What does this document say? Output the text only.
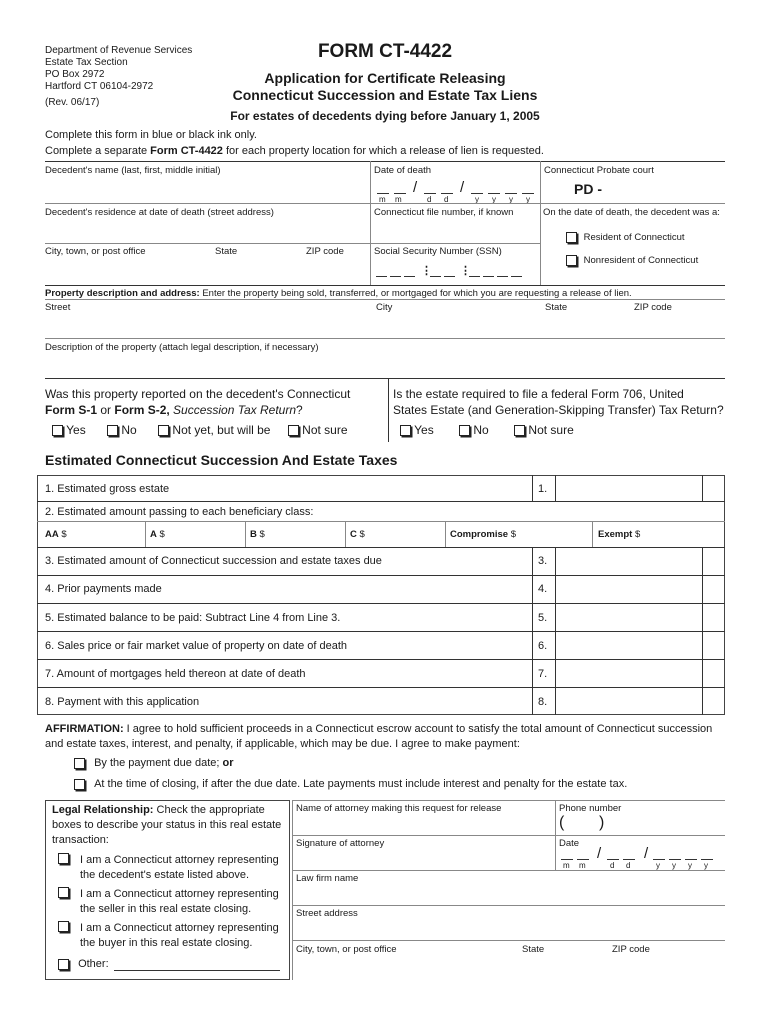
Department of Revenue Services
Estate Tax Section
PO Box 2972
Hartford CT 06104-2972
(Rev. 06/17)
FORM CT-4422
Application for Certificate Releasing
Connecticut Succession and Estate Tax Liens
For estates of decedents dying before January 1, 2005
Complete this form in blue or black ink only.
Complete a separate Form CT-4422 for each property location for which a release of lien is requested.
Decedent's name (last, first, middle initial)	Date of death
/	/
m m	d d	y y y y
Connecticut Probate court
PD -
Decedent's residence at date of death (street address)	Connecticut file number, if known	On the date of death, the decedent was a:
Resident of Connecticut
Nonresident of Connecticut
City, town, or post office	State	ZIP code	Social Security Number (SSN)
⋮	⋮
Property description and address: Enter the property being sold, transferred, or mortgaged for which you are requesting a release of lien.
Street	City	State	ZIP code
Description of the property (attach legal description, if necessary)
Was this property reported on the decedent's Connecticut
Form S-1 or Form S-2, Succession Tax Return?
Yes	No	Not yet, but will be	Not sure
Is the estate required to file a federal Form 706, United
States Estate (and Generation-Skipping Transfer) Tax Return?
Yes	No	Not sure
Estimated Connecticut Succession And Estate Taxes
1. Estimated gross estate	1.
2. Estimated amount passing to each beneficiary class:
AA $	A $	B $	C $	Compromise $	Exempt $
3. Estimated amount of Connecticut succession and estate taxes due	3.
4. Prior payments made	4.
5. Estimated balance to be paid: Subtract Line 4 from Line 3.	5.
6. Sales price or fair market value of property on date of death	6.
7. Amount of mortgages held thereon at date of death	7.
8. Payment with this application	8.
AFFIRMATION: I agree to hold sufficient proceeds in a Connecticut escrow account to satisfy the total amount of Connecticut succession
and estate taxes, interest, and penalty, if applicable, which may be due. I agree to make payment:
By the payment due date; or
At the time of closing, if after the due date. Late payments must include interest and penalty for the estate tax.
Legal Relationship: Check the appropriate
boxes to describe your status in this real estate
transaction:
I am a Connecticut attorney representing
the decedent's estate listed above.
I am a Connecticut attorney representing
the seller in this real estate closing.
I am a Connecticut attorney representing
the buyer in this real estate closing.
Other:
Name of attorney making this request for release	Phone number
( )
Signature of attorney	Date
/	/
m m	d d	y y y y
Law firm name
Street address
City, town, or post office	State	ZIP code
